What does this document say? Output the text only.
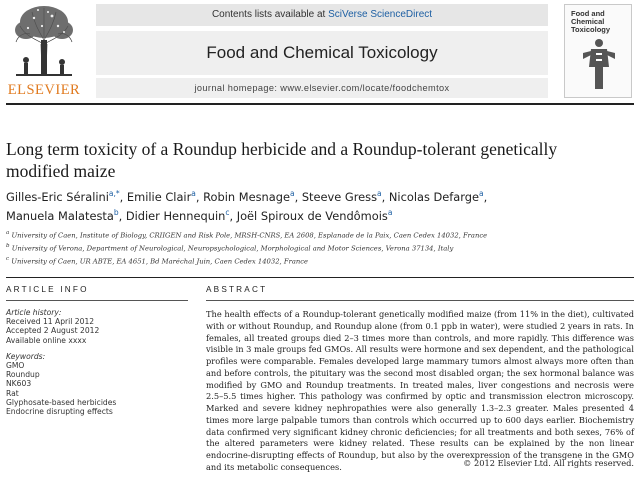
ELSEVIER
Contents lists available at SciVerse ScienceDirect
Food and Chemical Toxicology
journal homepage: www.elsevier.com/locate/foodchemtox
Food and Chemical Toxicology
Long term toxicity of a Roundup herbicide and a Roundup-tolerant genetically modified maize
Gilles-Eric Séralini$^{a,*}$, Emilie Clair$^a$, Robin Mesnage$^a$, Steeve Gress$^a$, Nicolas Defarge$^a$,
Manuela Malatesta$^b$, Didier Hennequin$^c$, Joël Spiroux de Vendômois$^a$
$^a$ University of Caen, Institute of Biology, CRIIGEN and Risk Pole, MRSH-CNRS, EA 2608, Esplanade de la Paix, Caen Cedex 14032, France
$^b$ University of Verona, Department of Neurological, Neuropsychological, Morphological and Motor Sciences, Verona 37134, Italy
$^c$ University of Caen, UR ABTE, EA 4651, Bd Maréchal Juin, Caen Cedex 14032, France
ARTICLE INFO
Article history:
Received 11 April 2012
Accepted 2 August 2012
Available online xxxx
Keywords:
GMO
Roundup
NK603
Rat
Glyphosate-based herbicides
Endocrine disrupting effects
ABSTRACT
The health effects of a Roundup-tolerant genetically modified maize (from 11% in the diet), cultivated with or without Roundup, and Roundup alone (from 0.1 ppb in water), were studied 2 years in rats. In females, all treated groups died 2–3 times more than controls, and more rapidly. This difference was visible in 3 male groups fed GMOs. All results were hormone and sex dependent, and the pathological profiles were comparable. Females developed large mammary tumors almost always more often than and before controls, the pituitary was the second most disabled organ; the sex hormonal balance was modified by GMO and Roundup treatments. In treated males, liver congestions and necrosis were 2.5–5.5 times higher. This pathology was confirmed by optic and transmission electron microscopy. Marked and severe kidney nephropathies were also generally 1.3–2.3 greater. Males presented 4 times more large palpable tumors than controls which occurred up to 600 days earlier. Biochemistry data confirmed very significant kidney chronic deficiencies; for all treatments and both sexes, 76% of the altered parameters were kidney related. These results can be explained by the non linear endocrine-disrupting effects of Roundup, but also by the overexpression of the transgene in the GMO and its metabolic consequences.	© 2012 Elsevier Ltd. All rights reserved.
